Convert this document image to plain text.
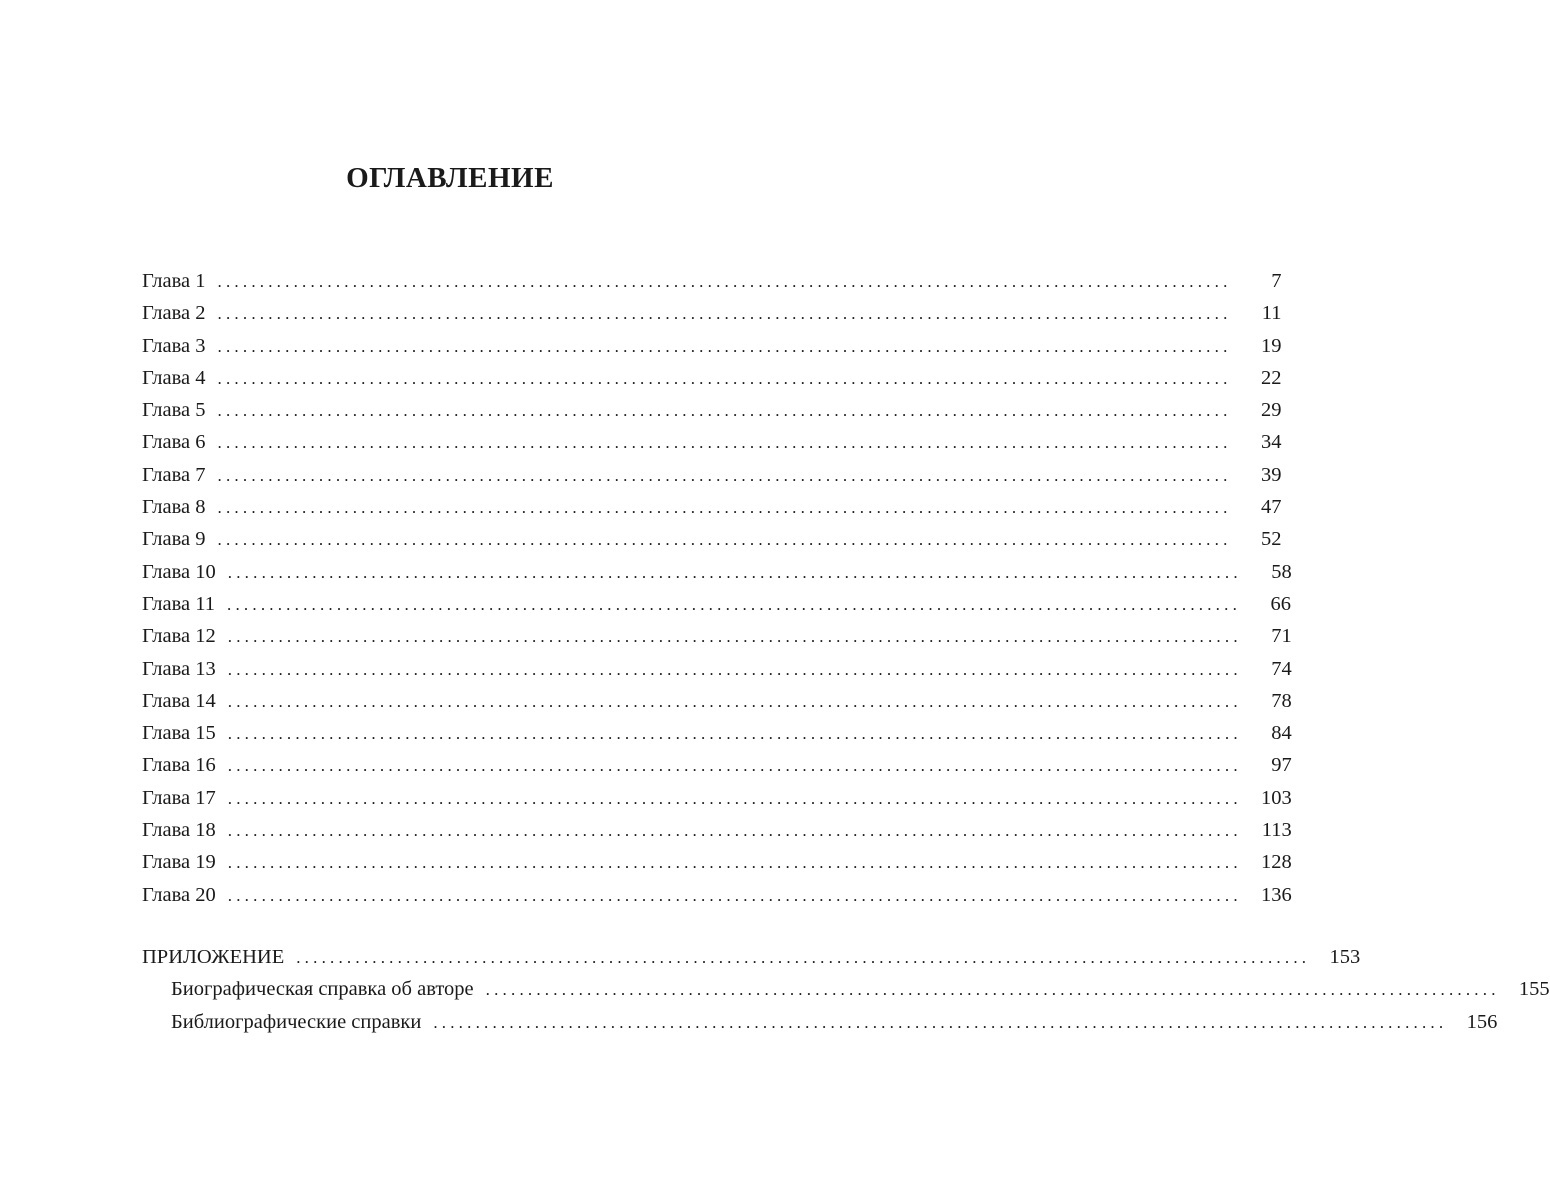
ОГЛАВЛЕНИЕ
Глава 1 ........................................................................................................................	7
Глава 2 ........................................................................................................................	11
Глава 3 ........................................................................................................................	19
Глава 4 ........................................................................................................................	22
Глава 5 ........................................................................................................................	29
Глава 6 ........................................................................................................................	34
Глава 7 ........................................................................................................................	39
Глава 8 ........................................................................................................................	47
Глава 9 ........................................................................................................................	52
Глава 10 ........................................................................................................................	58
Глава 11 ........................................................................................................................	66
Глава 12 ........................................................................................................................	71
Глава 13 ........................................................................................................................	74
Глава 14 ........................................................................................................................	78
Глава 15 ........................................................................................................................	84
Глава 16 ........................................................................................................................	97
Глава 17 ........................................................................................................................ 103
Глава 18 ........................................................................................................................ 113
Глава 19 ........................................................................................................................ 128
Глава 20 ........................................................................................................................ 136
ПРИЛОЖЕНИЕ ........................................................................................................................ 153
Биографическая справка об авторе ........................................................................................................................ 155
Библиографические справки ........................................................................................................................ 156
